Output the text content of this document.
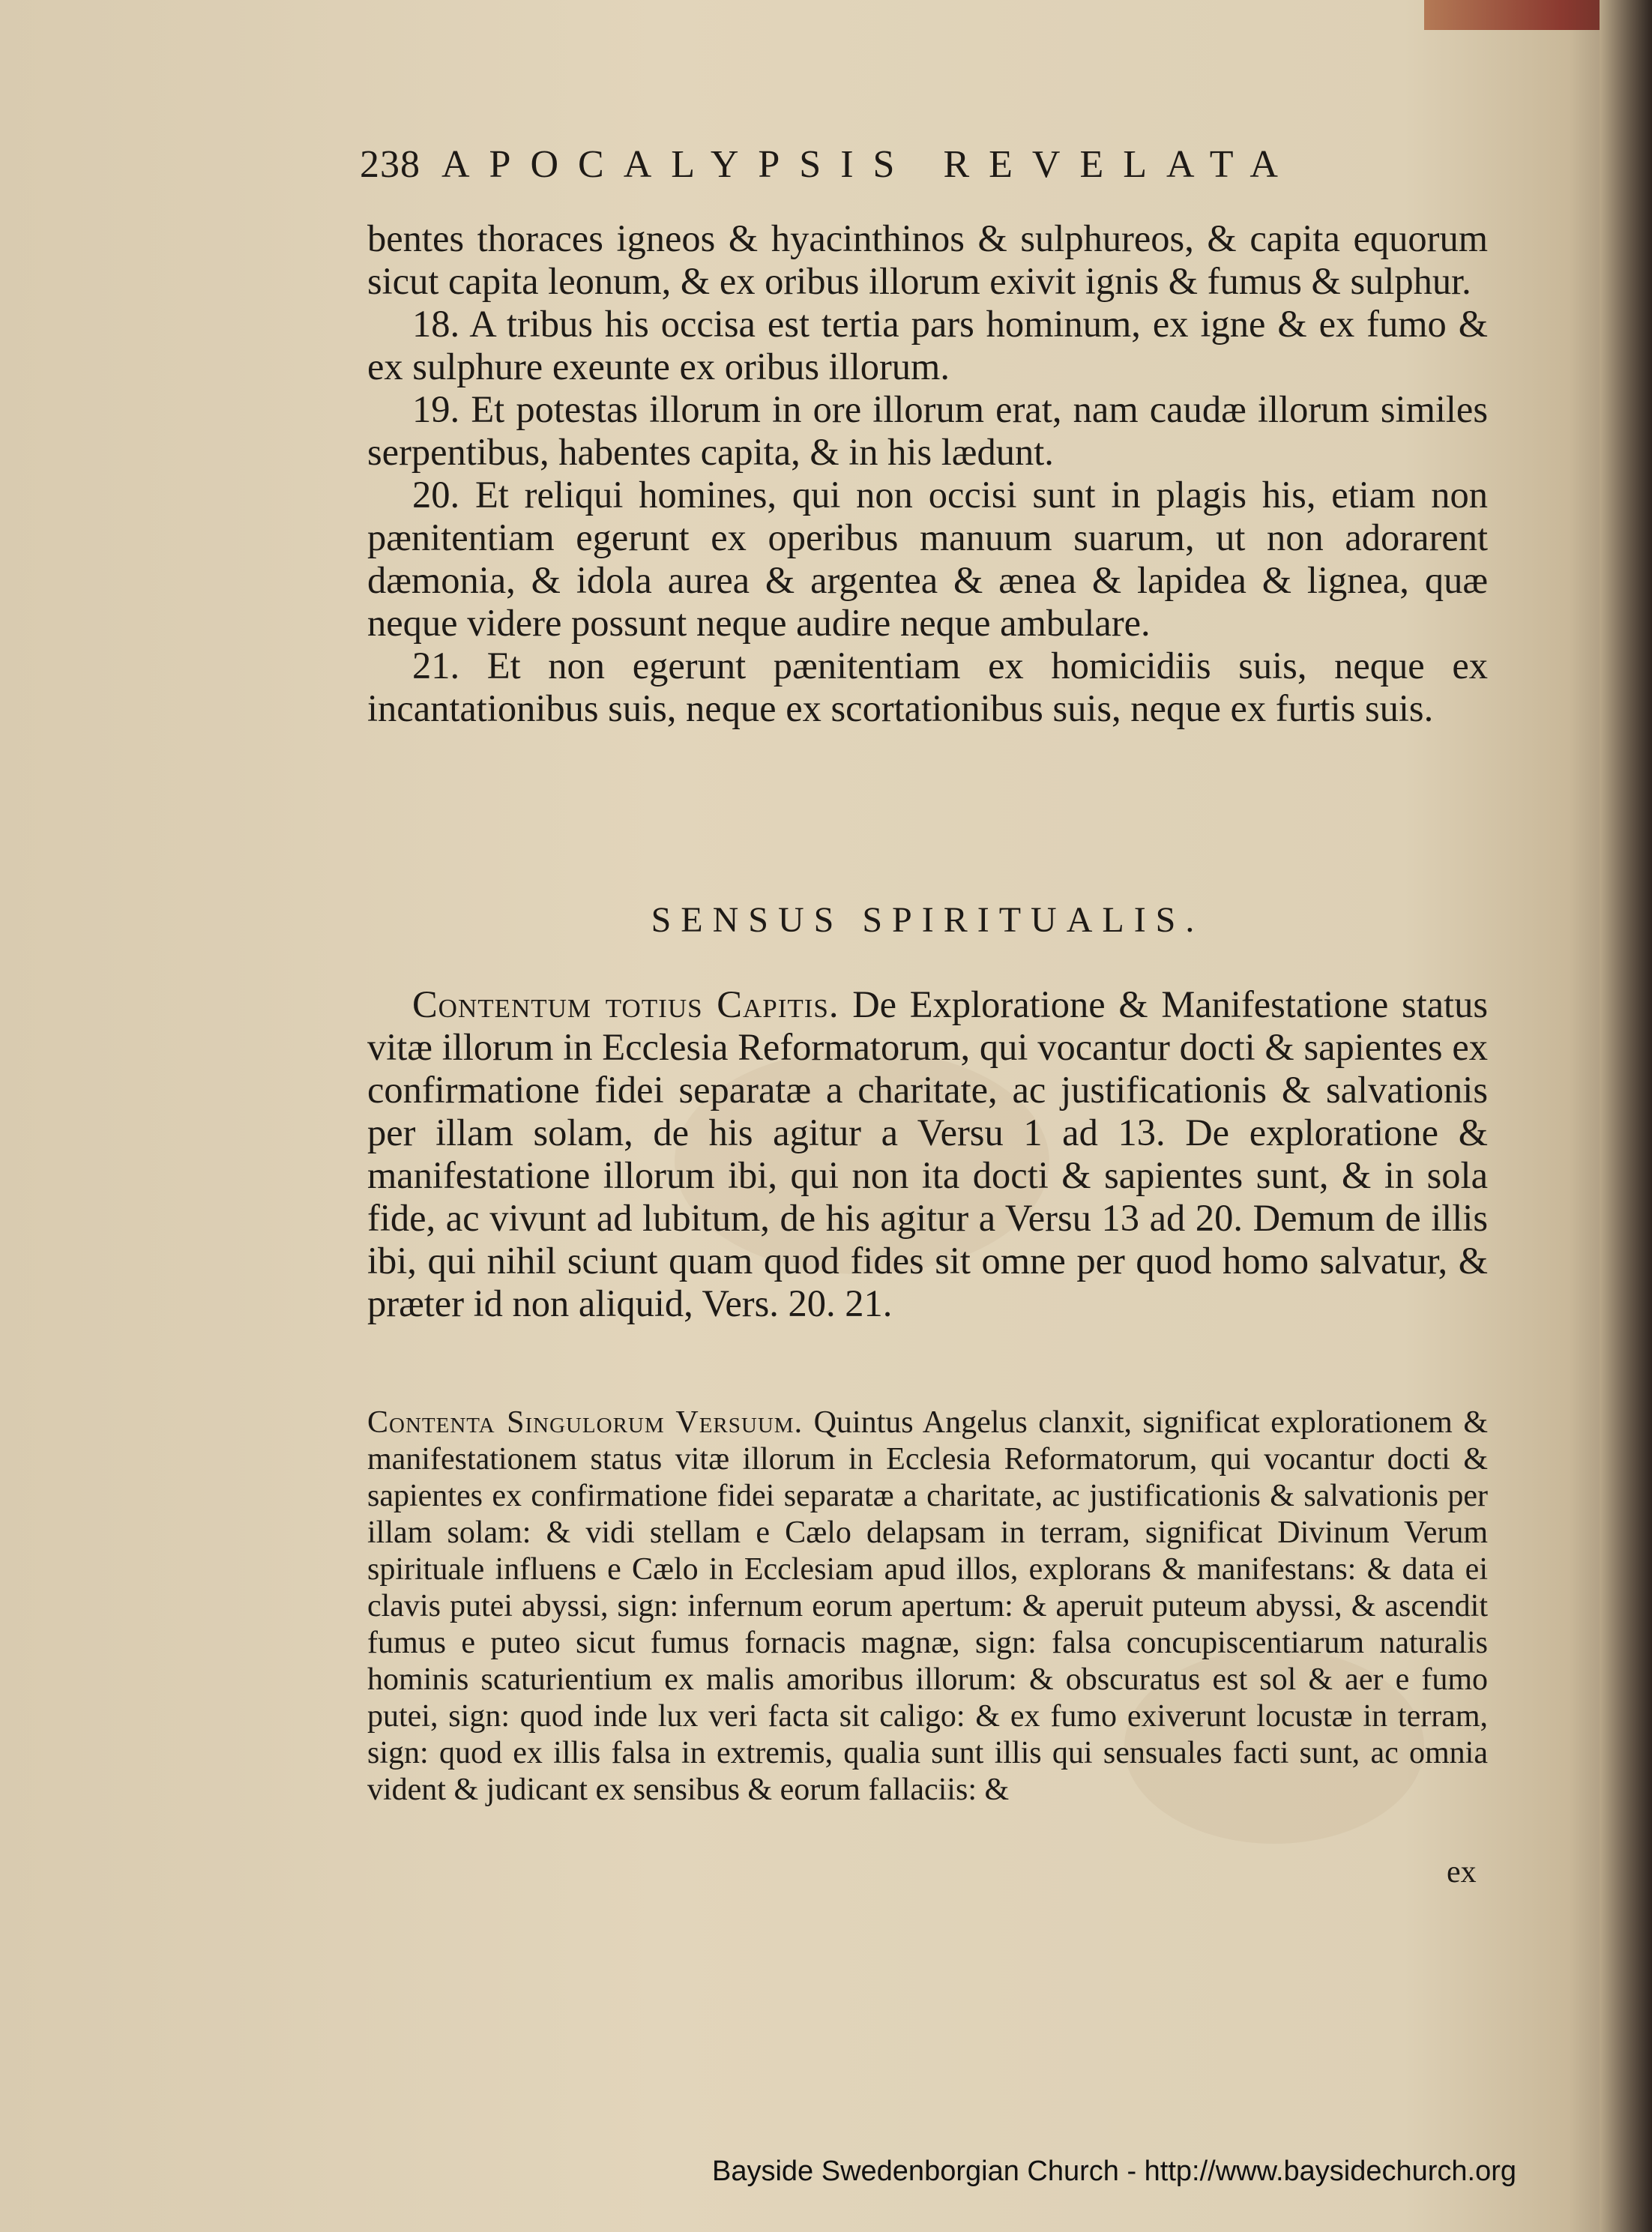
238 APOCALYPSIS REVELATA

bentes thoraces igneos & hyacinthinos & sulphureos, & capita equorum sicut capita leonum, & ex oribus illorum exivit ignis & fumus & sulphur.

18. A tribus his occisa est tertia pars hominum, ex igne & ex fumo & ex sulphure exeunte ex oribus illorum.

19. Et potestas illorum in ore illorum erat, nam caudæ illorum similes serpentibus, habentes capita, & in his lædunt.

20. Et reliqui homines, qui non occisi sunt in plagis his, etiam non pænitentiam egerunt ex operibus manuum suarum, ut non adorarent dæmonia, & idola aurea & argentea & ænea & lapidea & lignea, quæ neque videre possunt neque audire neque ambulare.

21. Et non egerunt pænitentiam ex homicidiis suis, neque ex incantationibus suis, neque ex scortationibus suis, neque ex furtis suis.

SENSUS SPIRITUALIS.

Contentum totius Capitis. De Exploratione & Manifestatione status vitæ illorum in Ecclesia Reformatorum, qui vocantur docti & sapientes ex confirmatione fidei separatæ a charitate, ac justificationis & salvationis per illam solam, de his agitur a Versu 1 ad 13. De exploratione & manifestatione illorum ibi, qui non ita docti & sapientes sunt, & in sola fide, ac vivunt ad lubitum, de his agitur a Versu 13 ad 20. Demum de illis ibi, qui nihil sciunt quam quod fides sit omne per quod homo salvatur, & præter id non aliquid, Vers. 20. 21.

Contenta Singulorum Versuum. Quintus Angelus clanxit, significat explorationem & manifestationem status vitæ illorum in Ecclesia Reformatorum, qui vocantur docti & sapientes ex confirmatione fidei separatæ a charitate, ac justificationis & salvationis per illam solam: & vidi stellam e Cælo delapsam in terram, significat Divinum Verum spirituale influens e Cælo in Ecclesiam apud illos, explorans & manifestans: & data ei clavis putei abyssi, sign: infernum eorum apertum: & aperuit puteum abyssi, & ascendit fumus e puteo sicut fumus fornacis magnæ, sign: falsa concupiscentiarum naturalis hominis scaturientium ex malis amoribus illorum: & obscuratus est sol & aer e fumo putei, sign: quod inde lux veri facta sit caligo: & ex fumo exiverunt locustæ in terram, sign: quod ex illis falsa in extremis, qualia sunt illis qui sensuales facti sunt, ac omnia vident & judicant ex sensibus & eorum fallaciis: &

ex
Bayside Swedenborgian Church - http://www.baysidechurch.org
